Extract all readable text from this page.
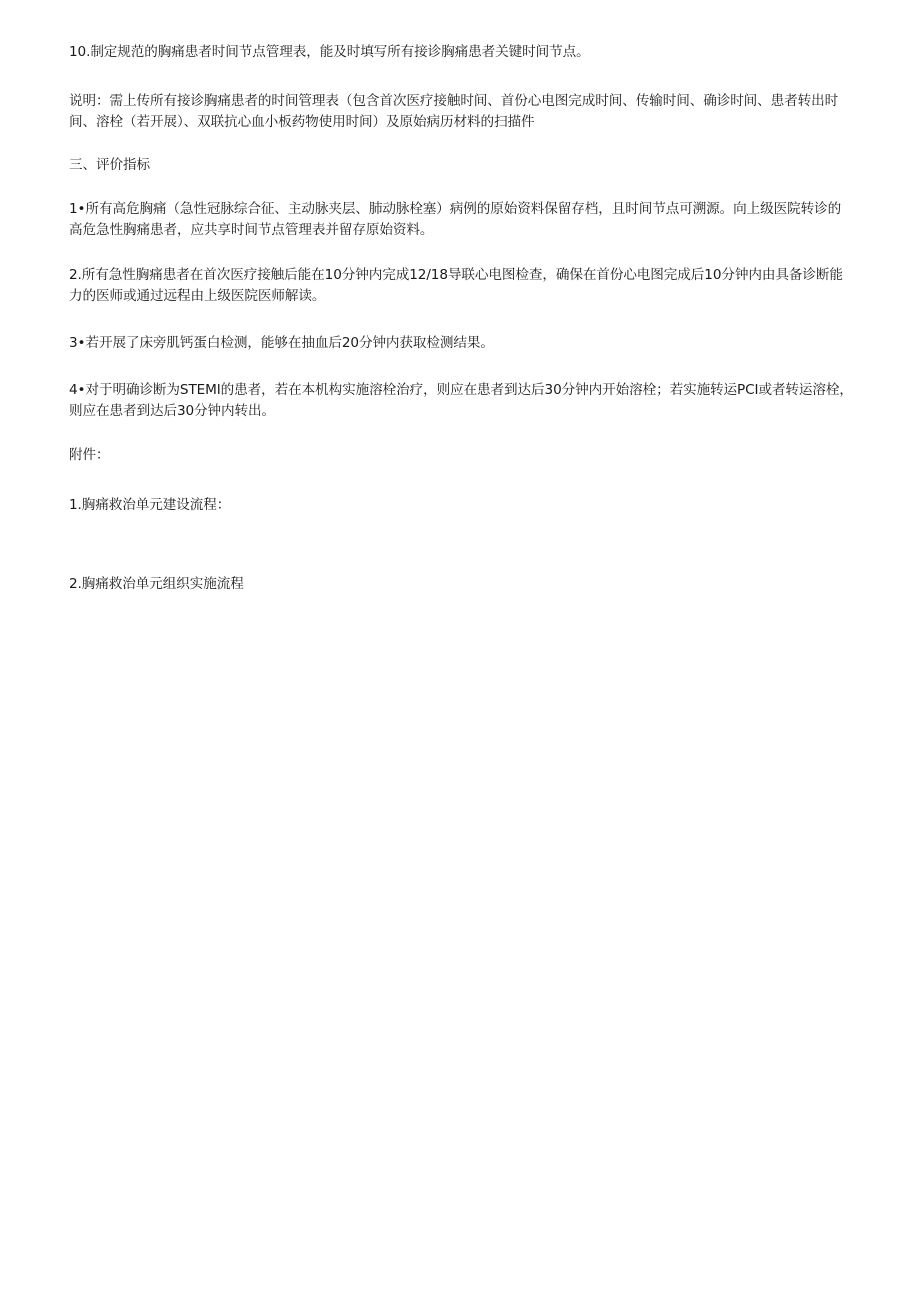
10.制定规范的胸痛患者时间节点管理表，能及时填写所有接诊胸痛患者关键时间节点。

说明：需上传所有接诊胸痛患者的时间管理表（包含首次医疗接触时间、首份心电图完成时间、传输时间、确诊时间、患者转出时间、溶栓（若开展）、双联抗心血小板药物使用时间）及原始病历材料的扫描件

三、评价指标

1•所有高危胸痛（急性冠脉综合征、主动脉夹层、肺动脉栓塞）病例的原始资料保留存档，且时间节点可溯源。向上级医院转诊的高危急性胸痛患者，应共享时间节点管理表并留存原始资料。

2.所有急性胸痛患者在首次医疗接触后能在10分钟内完成12/18导联心电图检查，确保在首份心电图完成后10分钟内由具备诊断能力的医师或通过远程由上级医院医师解读。

3•若开展了床旁肌钙蛋白检测，能够在抽血后20分钟内获取检测结果。

4•对于明确诊断为STEMI的患者，若在本机构实施溶栓治疗，则应在患者到达后30分钟内开始溶栓；若实施转运PCI或者转运溶栓，则应在患者到达后30分钟内转出。

附件：

1.胸痛救治单元建设流程：

2.胸痛救治单元组织实施流程
